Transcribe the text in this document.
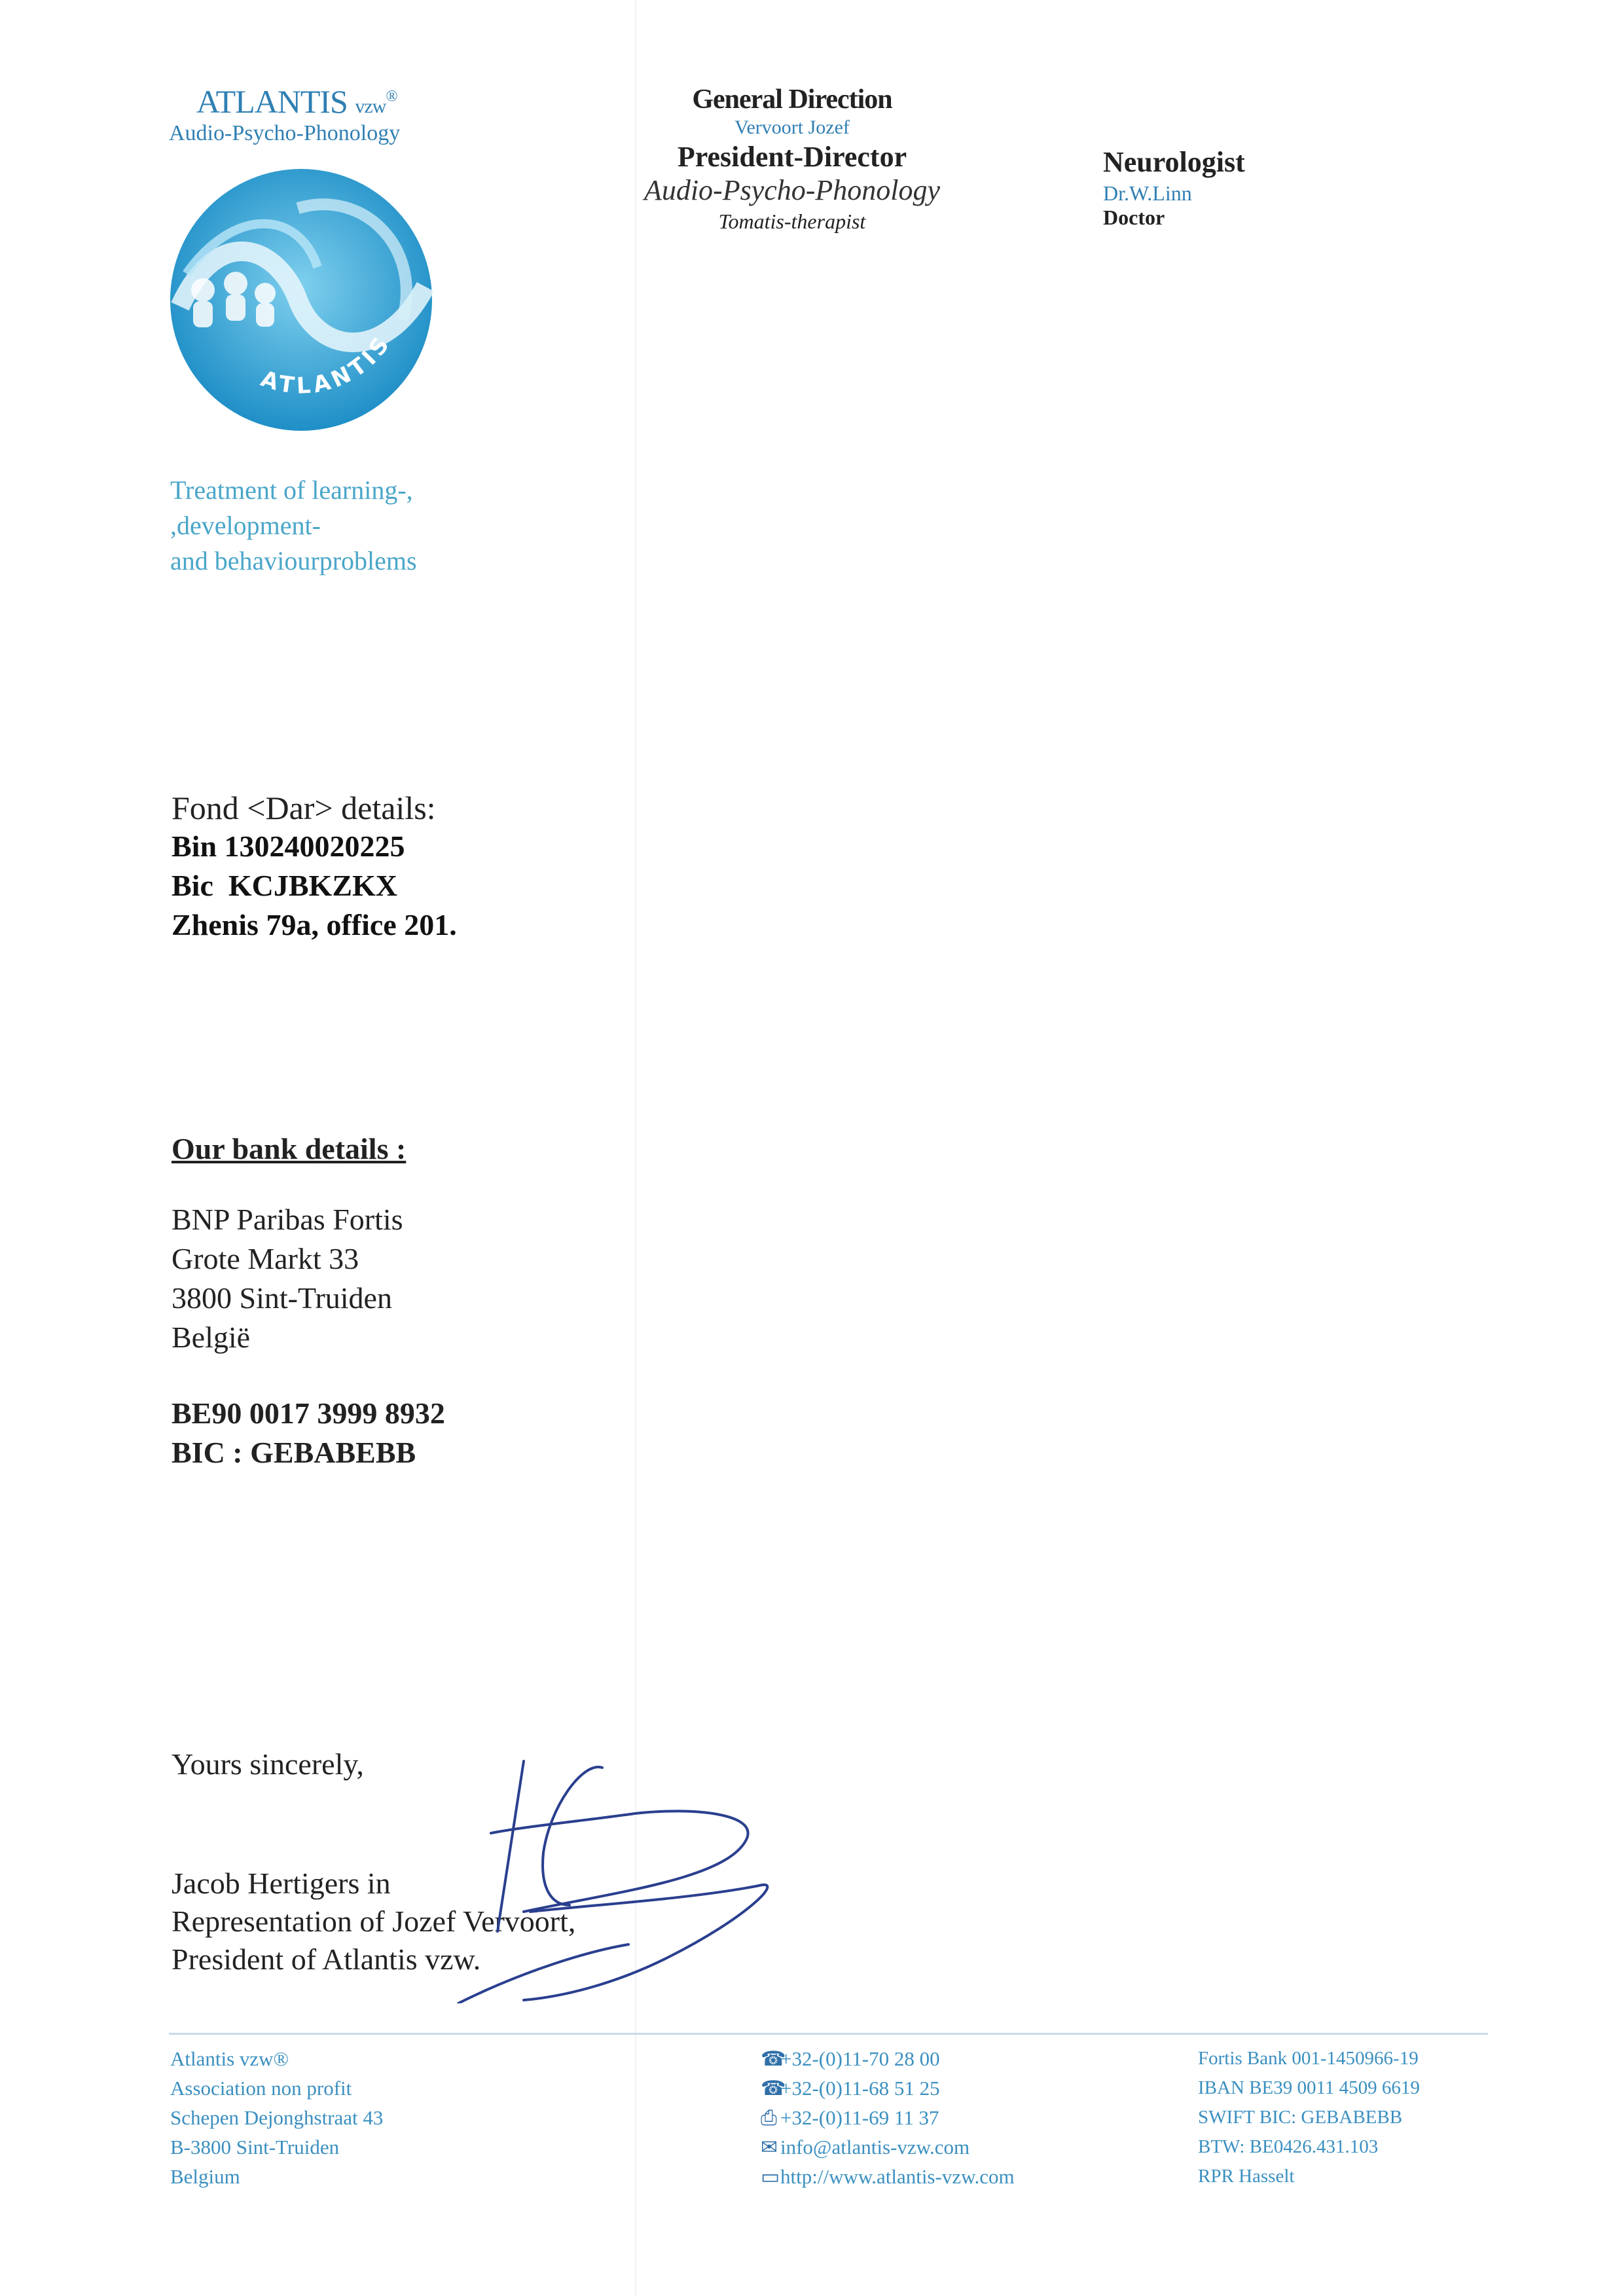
ATLANTIS vzw®
Audio-Psycho-Phonology
ATLANTIS
Treatment of learning-,
,development-
and behaviourproblems
General Direction
Vervoort Jozef
President-Director
Audio-Psycho-Phonology
Tomatis-therapist
Neurologist
Dr.W.Linn
Doctor
Fond <Dar> details:
Bin 130240020225
Bic  KCJBKZKX
Zhenis 79a, office 201.
Our bank details :
BNP Paribas Fortis
Grote Markt 33
3800 Sint-Truiden
België
BE90 0017 3999 8932
BIC : GEBABEBB
Yours sincerely,
Jacob Hertigers in
Representation of Jozef Vervoort,
President of Atlantis vzw.
Atlantis vzw®
Association non profit
Schepen Dejonghstraat 43
B-3800 Sint-Truiden
Belgium
☎+32-(0)11-70 28 00
☎+32-(0)11-68 51 25
⎙ +32-(0)11-69 11 37
✉ info@atlantis-vzw.com
▭http://www.atlantis-vzw.com
Fortis Bank 001-1450966-19
IBAN BE39 0011 4509 6619
SWIFT BIC: GEBABEBB
BTW: BE0426.431.103
RPR Hasselt
